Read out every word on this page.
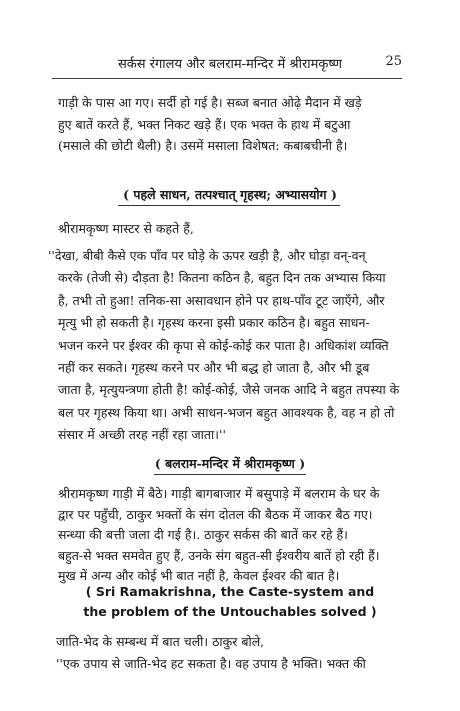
सर्कस रंगालय और बलराम-मन्दिर में श्रीरामकृष्ण	25

गाड़ी के पास आ गए। सर्दी हो गई है। सब्ज बनात ओढ़े मैदान में खड़े
हुए बातें करते हैं, भक्त निकट खड़े हैं। एक भक्त के हाथ में बटुआ
(मसाले की छोटी थैली) है। उसमें मसाला विशेषत: कबाबचीनी है।

( पहले साधन, तत्पश्चात् गृहस्थ; अभ्यासयोग )

श्रीरामकृष्ण मास्टर से कहते हैं,

''देखा, बीबी कैसे एक पाँव पर घोड़े के ऊपर खड़ी है, और घोड़ा वन्-वन्
करके (तेजी से) दौड़ता है! कितना कठिन है, बहुत दिन तक अभ्यास किया
है, तभी तो हुआ! तनिक-सा असावधान होने पर हाथ-पाँव टूट जाएँगे, और
मृत्यु भी हो सकती है। गृहस्थ करना इसी प्रकार कठिन है। बहुत साधन-
भजन करने पर ईश्वर की कृपा से कोई-कोई कर पाता है। अधिकांश व्यक्ति
नहीं कर सकते। गृहस्थ करने पर और भी बद्ध हो जाता है, और भी डूब
जाता है, मृत्युयन्त्रणा होती है! कोई-कोई, जैसे जनक आदि ने बहुत तपस्या के
बल पर गृहस्थ किया था। अभी साधन-भजन बहुत आवश्यक है, वह न हो तो
संसार में अच्छी तरह नहीं रहा जाता।''

( बलराम-मन्दिर में श्रीरामकृष्ण )

श्रीरामकृष्ण गाड़ी में बैठे। गाड़ी बागबाजार में बसुपाड़े में बलराम के घर के
द्वार पर पहुँची, ठाकुर भक्तों के संग दोतल की बैठक में जाकर बैठ गए।
सन्ध्या की बत्ती जला दी गई है।. ठाकुर सर्कस की बातें कर रहे हैं।
बहुत-से भक्त समवेत हुए हैं, उनके संग बहुत-सी ईश्वरीय बातें हो रही हैं।
मुख में अन्य और कोई भी बात नहीं है, केवल ईश्वर की बात है।

( Sri Ramakrishna, the Caste-system and
the problem of the Untouchables solved )

जाति-भेद के सम्बन्ध में बात चली। ठाकुर बोले,
''एक उपाय से जाति-भेद हट सकता है। वह उपाय है भक्ति। भक्त की
